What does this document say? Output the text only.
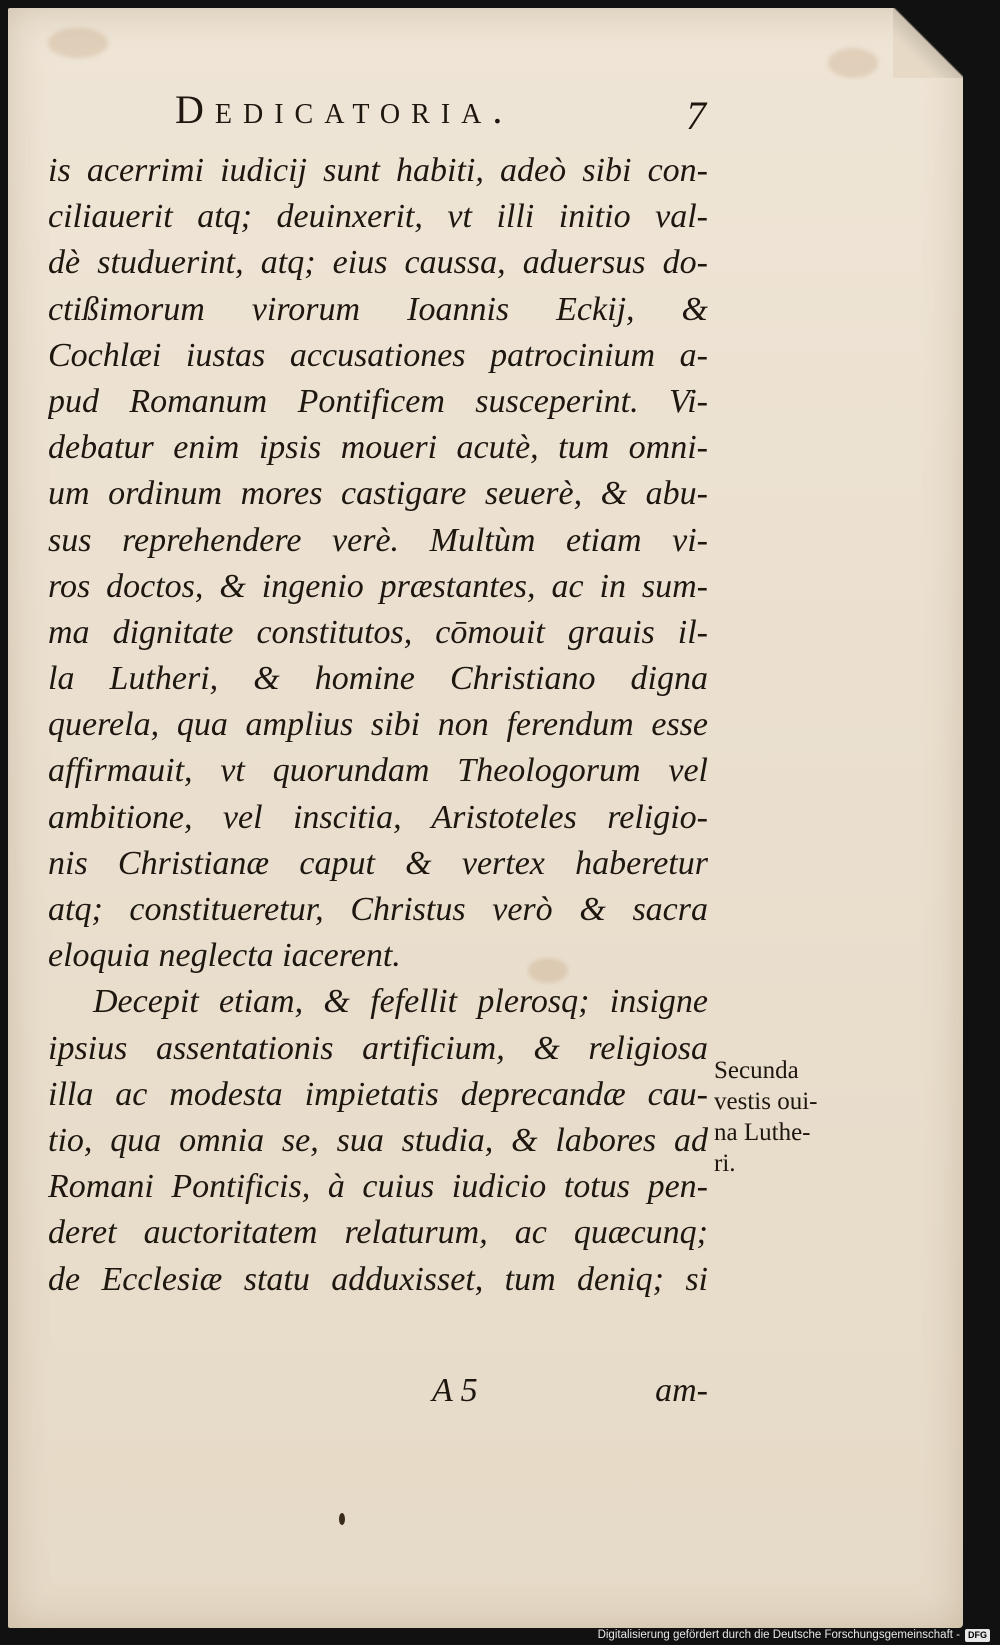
Dedicatoria.	7
is acerrimi iudicij sunt habiti, adeò sibi con-
ciliauerit atq; deuinxerit, vt illi initio val-
dè studuerint, atq; eius caussa, aduersus do-
ctißimorum virorum Ioannis Eckij, &
Cochlæi iustas accusationes patrocinium a-
pud Romanum Pontificem susceperint. Vi-
debatur enim ipsis moueri acutè, tum omni-
um ordinum mores castigare seuerè, & abu-
sus reprehendere verè. Multùm etiam vi-
ros doctos, & ingenio præstantes, ac in sum-
ma dignitate constitutos, cōmouit grauis il-
la Lutheri, & homine Christiano digna
querela, qua amplius sibi non ferendum esse
affirmauit, vt quorundam Theologorum vel
ambitione, vel inscitia, Aristoteles religio-
nis Christianæ caput & vertex haberetur
atq; constitueretur, Christus verò & sacra
eloquia neglecta iacerent.
Decepit etiam, & fefellit plerosq; insigne
ipsius assentationis artificium, & religiosa
illa ac modesta impietatis deprecandæ cau-
tio, qua omnia se, sua studia, & labores ad
Romani Pontificis, à cuius iudicio totus pen-
deret auctoritatem relaturum, ac quæcunq;
de Ecclesiæ statu adduxisset, tum deniq; si
A 5	am-
Secunda
vestis oui-
na Luthe-
ri.
Digitalisierung gefördert durch die Deutsche Forschungsgemeinschaft - DFG
